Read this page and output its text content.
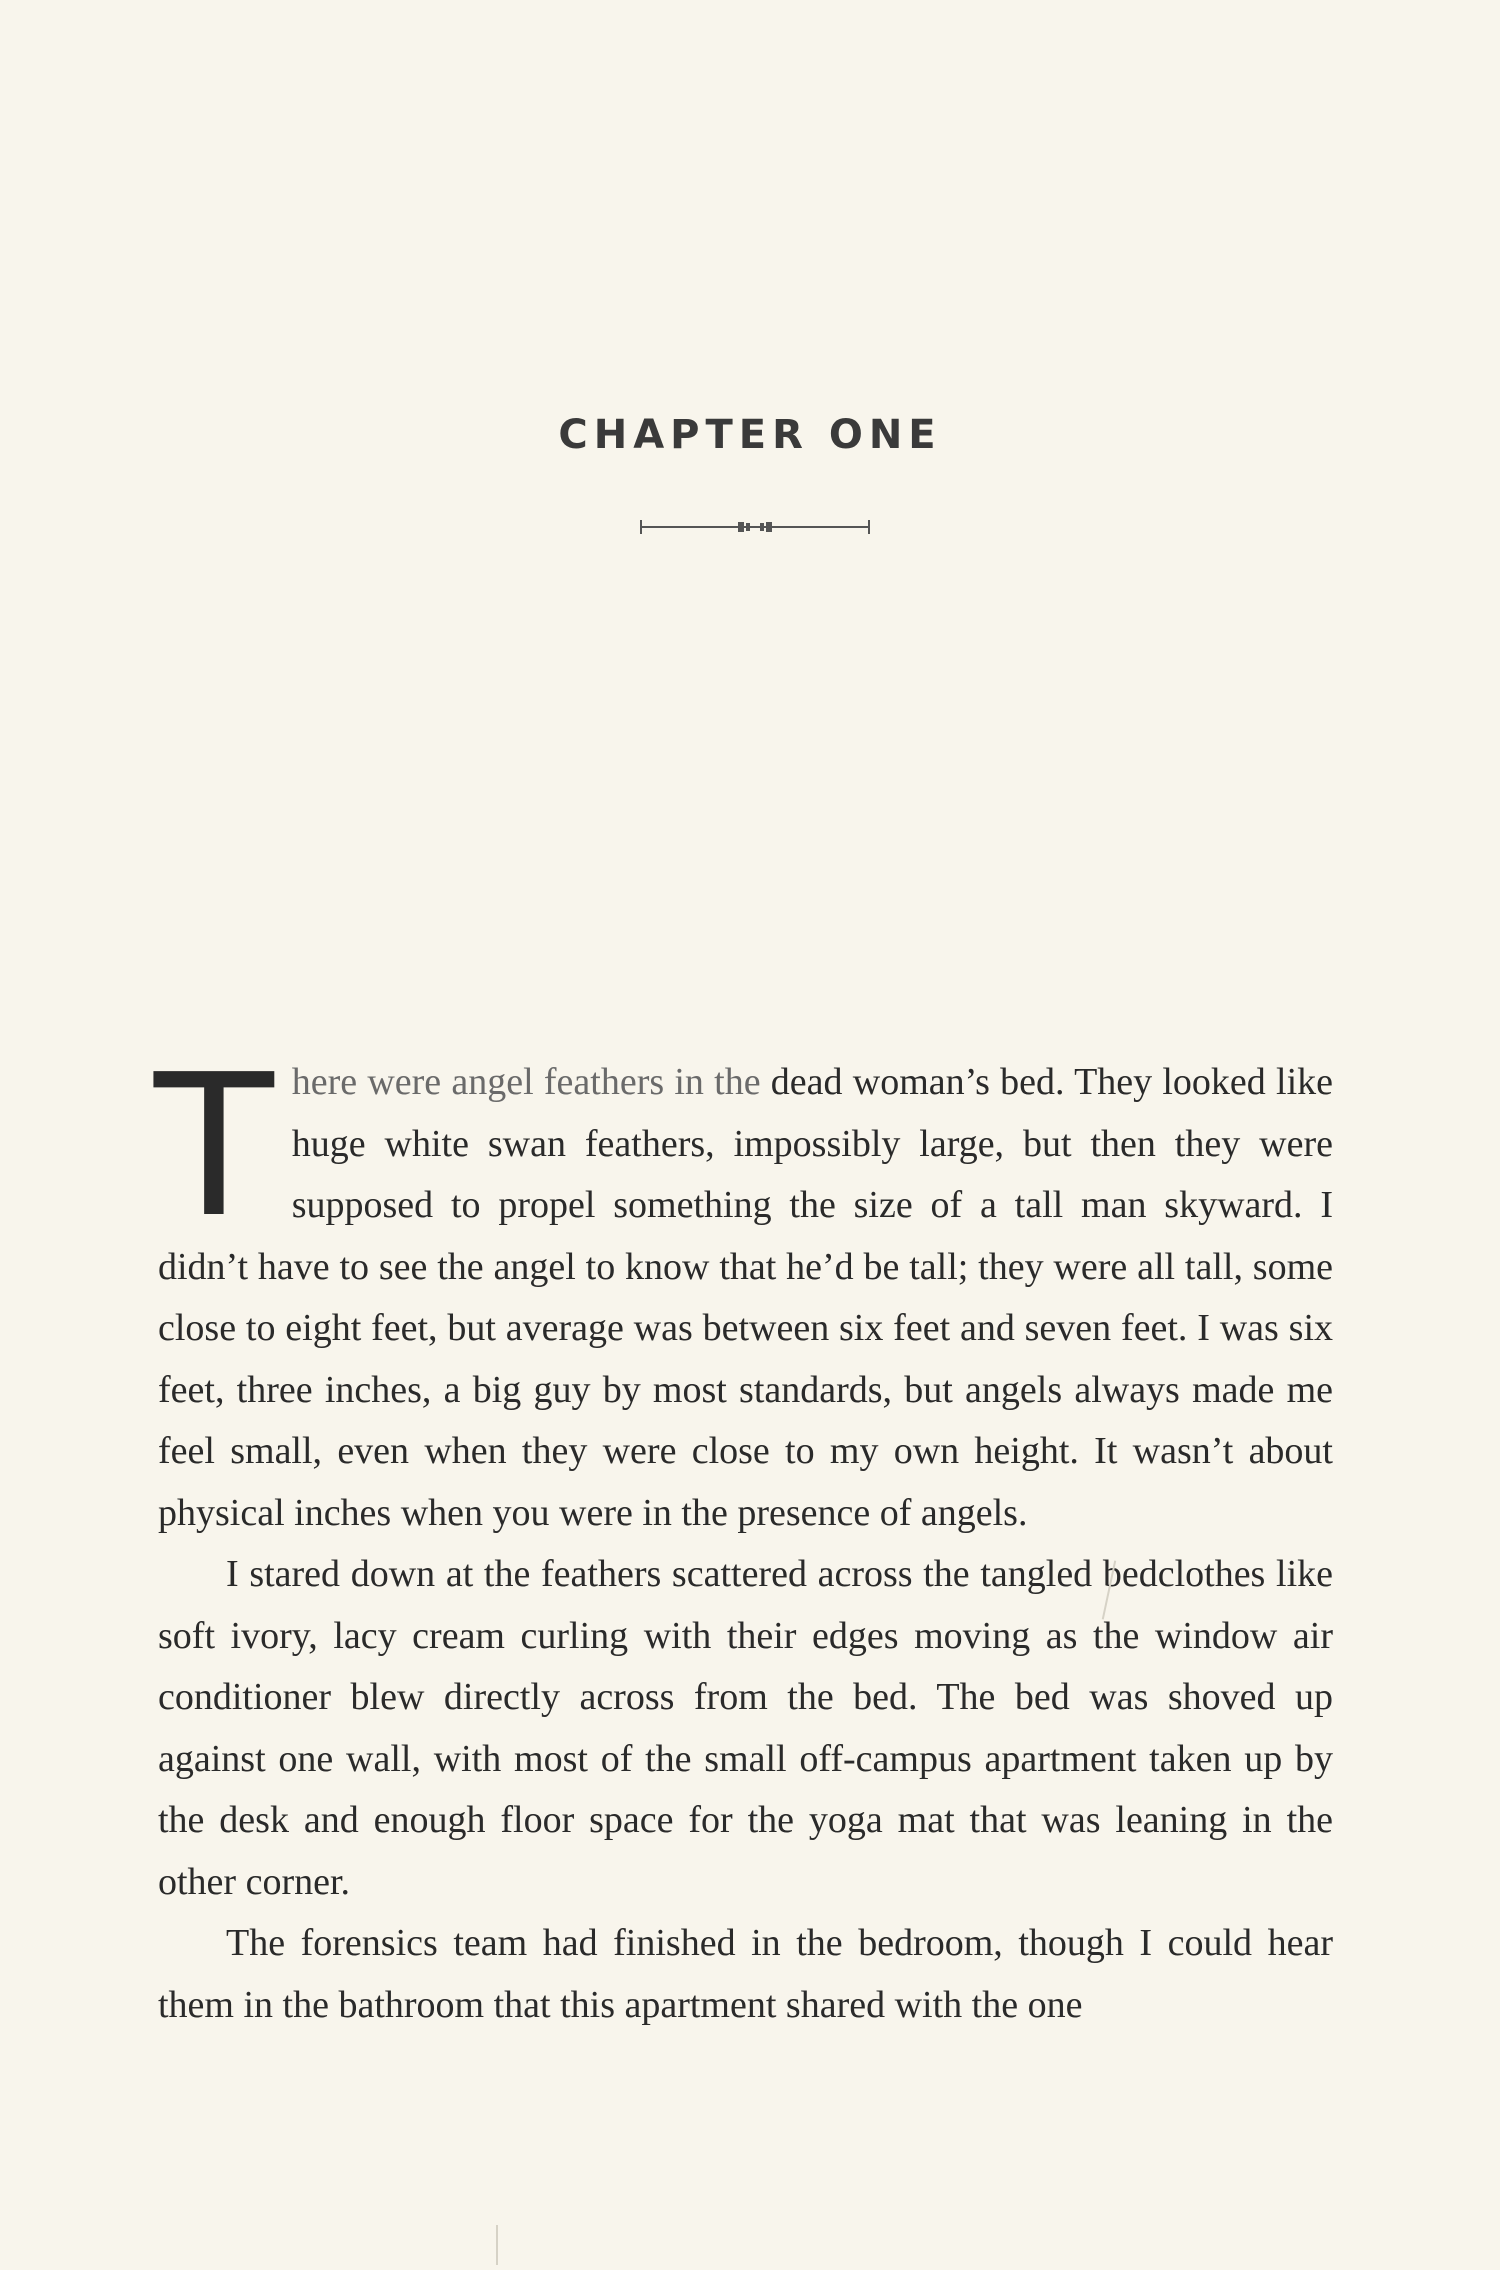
CHAPTER ONE

There were angel feathers in the dead woman’s bed. They looked like huge white swan feathers, impossibly large, but then they were supposed to propel something the size of a tall man skyward. I didn’t have to see the angel to know that he’d be tall; they were all tall, some close to eight feet, but average was between six feet and seven feet. I was six feet, three inches, a big guy by most standards, but angels always made me feel small, even when they were close to my own height. It wasn’t about physical inches when you were in the presence of angels.

I stared down at the feathers scattered across the tangled bedclothes like soft ivory, lacy cream curling with their edges moving as the window air conditioner blew directly across from the bed. The bed was shoved up against one wall, with most of the small off-campus apartment taken up by the desk and enough floor space for the yoga mat that was leaning in the other corner.

The forensics team had finished in the bedroom, though I could hear them in the bathroom that this apartment shared with the one
